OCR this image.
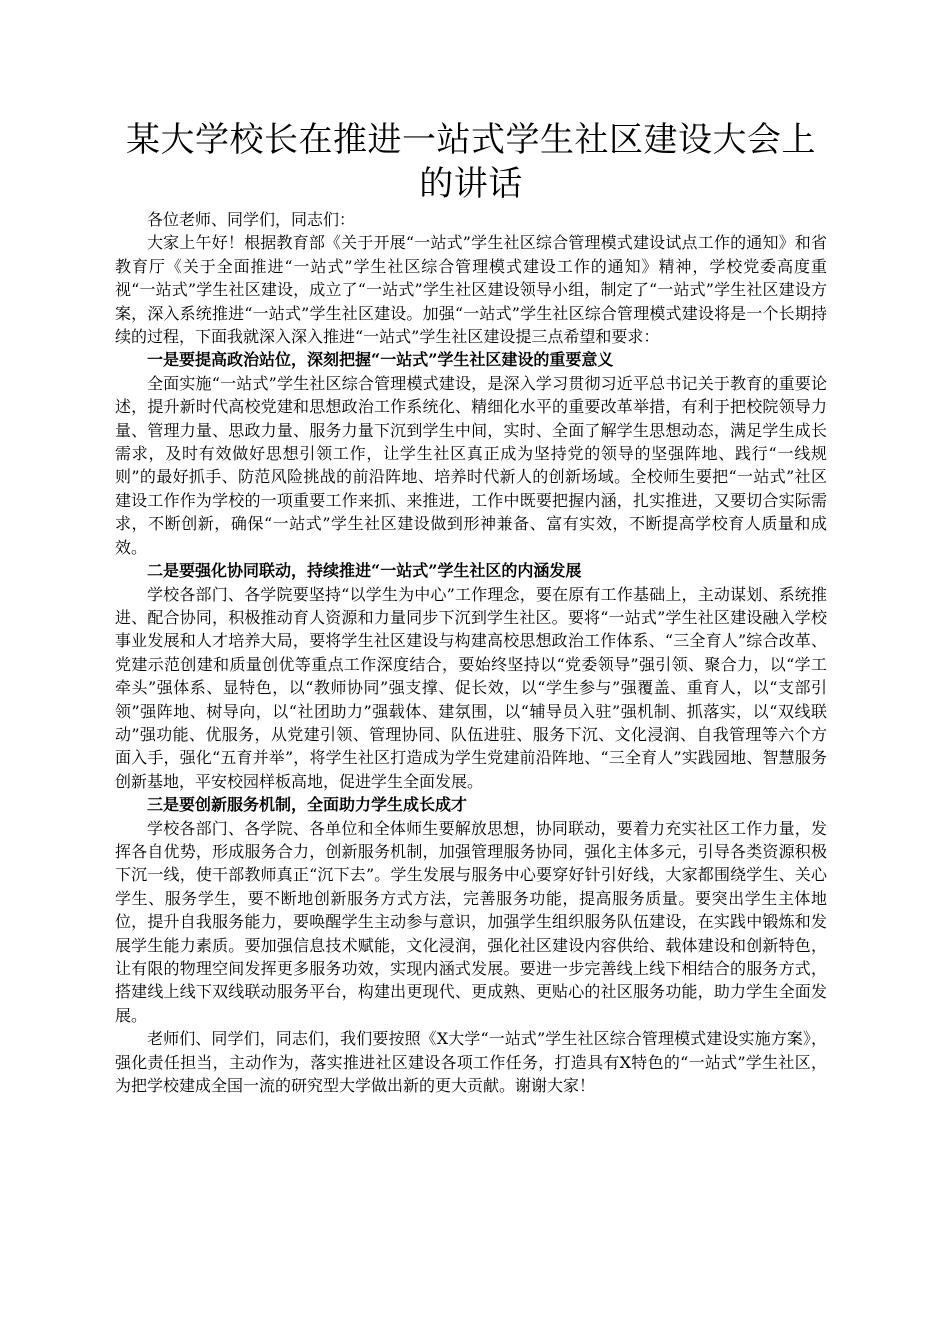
某大学校长在推进一站式学生社区建设大会上的讲话

各位老师、同学们，同志们：

大家上午好！根据教育部《关于开展“一站式”学生社区综合管理模式建设试点工作的通知》和省教育厅《关于全面推进“一站式”学生社区综合管理模式建设工作的通知》精神，学校党委高度重视“一站式”学生社区建设，成立了“一站式”学生社区建设领导小组，制定了“一站式”学生社区建设方案，深入系统推进“一站式”学生社区建设。加强“一站式”学生社区综合管理模式建设将是一个长期持续的过程，下面我就深入深入推进“一站式”学生社区建设提三点希望和要求：

一是要提高政治站位，深刻把握“一站式”学生社区建设的重要意义

全面实施“一站式”学生社区综合管理模式建设，是深入学习贯彻习近平总书记关于教育的重要论述，提升新时代高校党建和思想政治工作系统化、精细化水平的重要改革举措，有利于把校院领导力量、管理力量、思政力量、服务力量下沉到学生中间，实时、全面了解学生思想动态，满足学生成长需求，及时有效做好思想引领工作，让学生社区真正成为坚持党的领导的坚强阵地、践行“一线规则”的最好抓手、防范风险挑战的前沿阵地、培养时代新人的创新场域。全校师生要把“一站式”社区建设工作作为学校的一项重要工作来抓、来推进，工作中既要把握内涵，扎实推进，又要切合实际需求，不断创新，确保“一站式”学生社区建设做到形神兼备、富有实效，不断提高学校育人质量和成效。

二是要强化协同联动，持续推进“一站式”学生社区的内涵发展

学校各部门、各学院要坚持“以学生为中心”工作理念，要在原有工作基础上，主动谋划、系统推进、配合协同，积极推动育人资源和力量同步下沉到学生社区。要将“一站式”学生社区建设融入学校事业发展和人才培养大局，要将学生社区建设与构建高校思想政治工作体系、“三全育人”综合改革、党建示范创建和质量创优等重点工作深度结合，要始终坚持以“党委领导”强引领、聚合力，以“学工牵头”强体系、显特色，以“教师协同”强支撑、促长效，以“学生参与”强覆盖、重育人，以“支部引领”强阵地、树导向，以“社团助力”强载体、建氛围，以“辅导员入驻”强机制、抓落实，以“双线联动”强功能、优服务，从党建引领、管理协同、队伍进驻、服务下沉、文化浸润、自我管理等六个方面入手，强化“五育并举”，将学生社区打造成为学生党建前沿阵地、“三全育人”实践园地、智慧服务创新基地，平安校园样板高地，促进学生全面发展。

三是要创新服务机制，全面助力学生成长成才

学校各部门、各学院、各单位和全体师生要解放思想，协同联动，要着力充实社区工作力量，发挥各自优势，形成服务合力，创新服务机制，加强管理服务协同，强化主体多元，引导各类资源积极下沉一线，使干部教师真正“沉下去”。学生发展与服务中心要穿好针引好线，大家都围绕学生、关心学生、服务学生，要不断地创新服务方式方法，完善服务功能，提高服务质量。要突出学生主体地位，提升自我服务能力，要唤醒学生主动参与意识，加强学生组织服务队伍建设，在实践中锻炼和发展学生能力素质。要加强信息技术赋能，文化浸润，强化社区建设内容供给、载体建设和创新特色，让有限的物理空间发挥更多服务功效，实现内涵式发展。要进一步完善线上线下相结合的服务方式，搭建线上线下双线联动服务平台，构建出更现代、更成熟、更贴心的社区服务功能，助力学生全面发展。

老师们、同学们，同志们，我们要按照《X大学“一站式”学生社区综合管理模式建设实施方案》，强化责任担当，主动作为，落实推进社区建设各项工作任务，打造具有X特色的“一站式”学生社区，为把学校建成全国一流的研究型大学做出新的更大贡献。谢谢大家！
